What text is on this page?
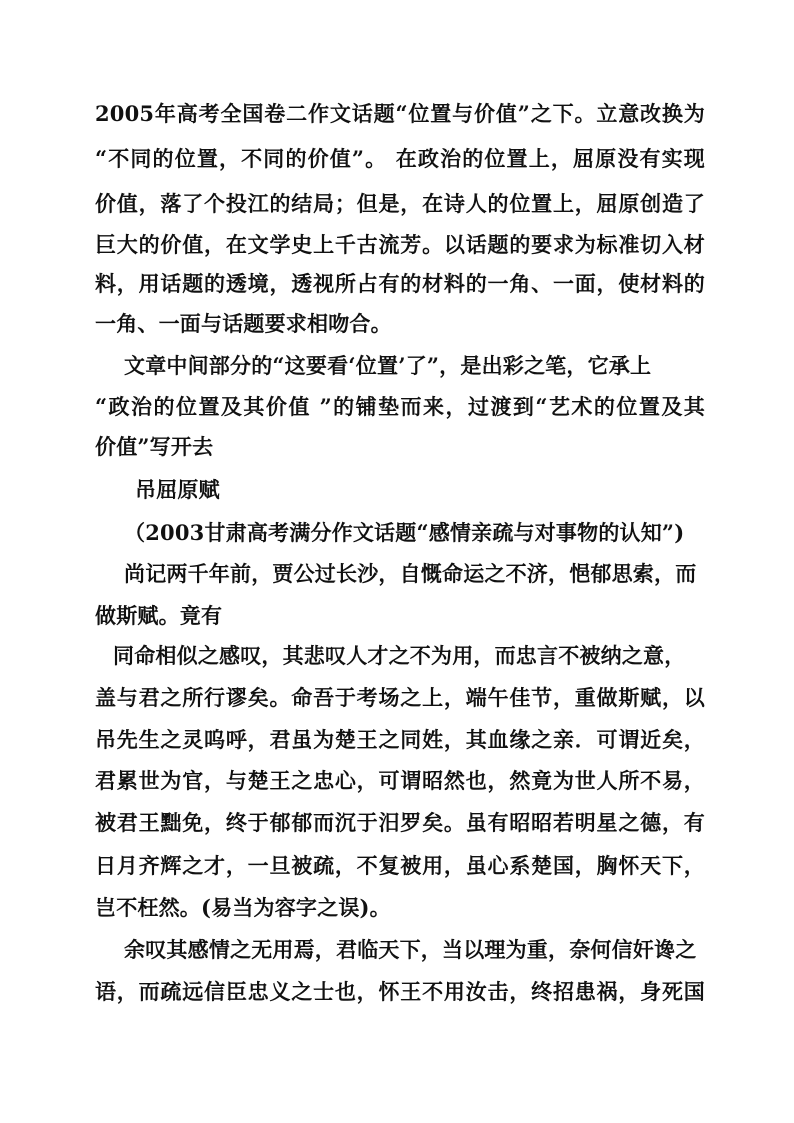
2005年高考全国卷二作文话题“位置与价值”之下。立意改换为
“不同的位置，不同的价值”。 在政治的位置上，屈原没有实现
价值，落了个投江的结局；但是，在诗人的位置上，屈原创造了
巨大的价值，在文学史上千古流芳。以话题的要求为标准切入材
料，用话题的透境，透视所占有的材料的一角、一面，使材料的
一角、一面与话题要求相吻合。
文章中间部分的“这要看‘位置’了”，是出彩之笔，它承上
“政治的位置及其价值 ”的铺垫而来，过渡到“艺术的位置及其
价值”写开去
吊屈原赋
（2003甘肃高考满分作文话题“感情亲疏与对事物的认知”)
尚记两千年前，贾公过长沙，自慨命运之不济，悒郁思索，而
做斯赋。竟有
同命相似之感叹，其悲叹人才之不为用，而忠言不被纳之意，
盖与君之所行谬矣。命吾于考场之上，端午佳节，重做斯赋，以
吊先生之灵呜呼，君虽为楚王之同姓，其血缘之亲．可谓近矣，
君累世为官，与楚王之忠心，可谓昭然也，然竟为世人所不易，
被君王黜免，终于郁郁而沉于汨罗矣。虽有昭昭若明星之德，有
日月齐辉之才，一旦被疏，不复被用，虽心系楚国，胸怀天下，
岂不枉然。(易当为容字之误)。
余叹其感情之无用焉，君临天下，当以理为重，奈何信奸谗之
语，而疏远信臣忠义之士也，怀王不用汝击，终招患祸，身死国
